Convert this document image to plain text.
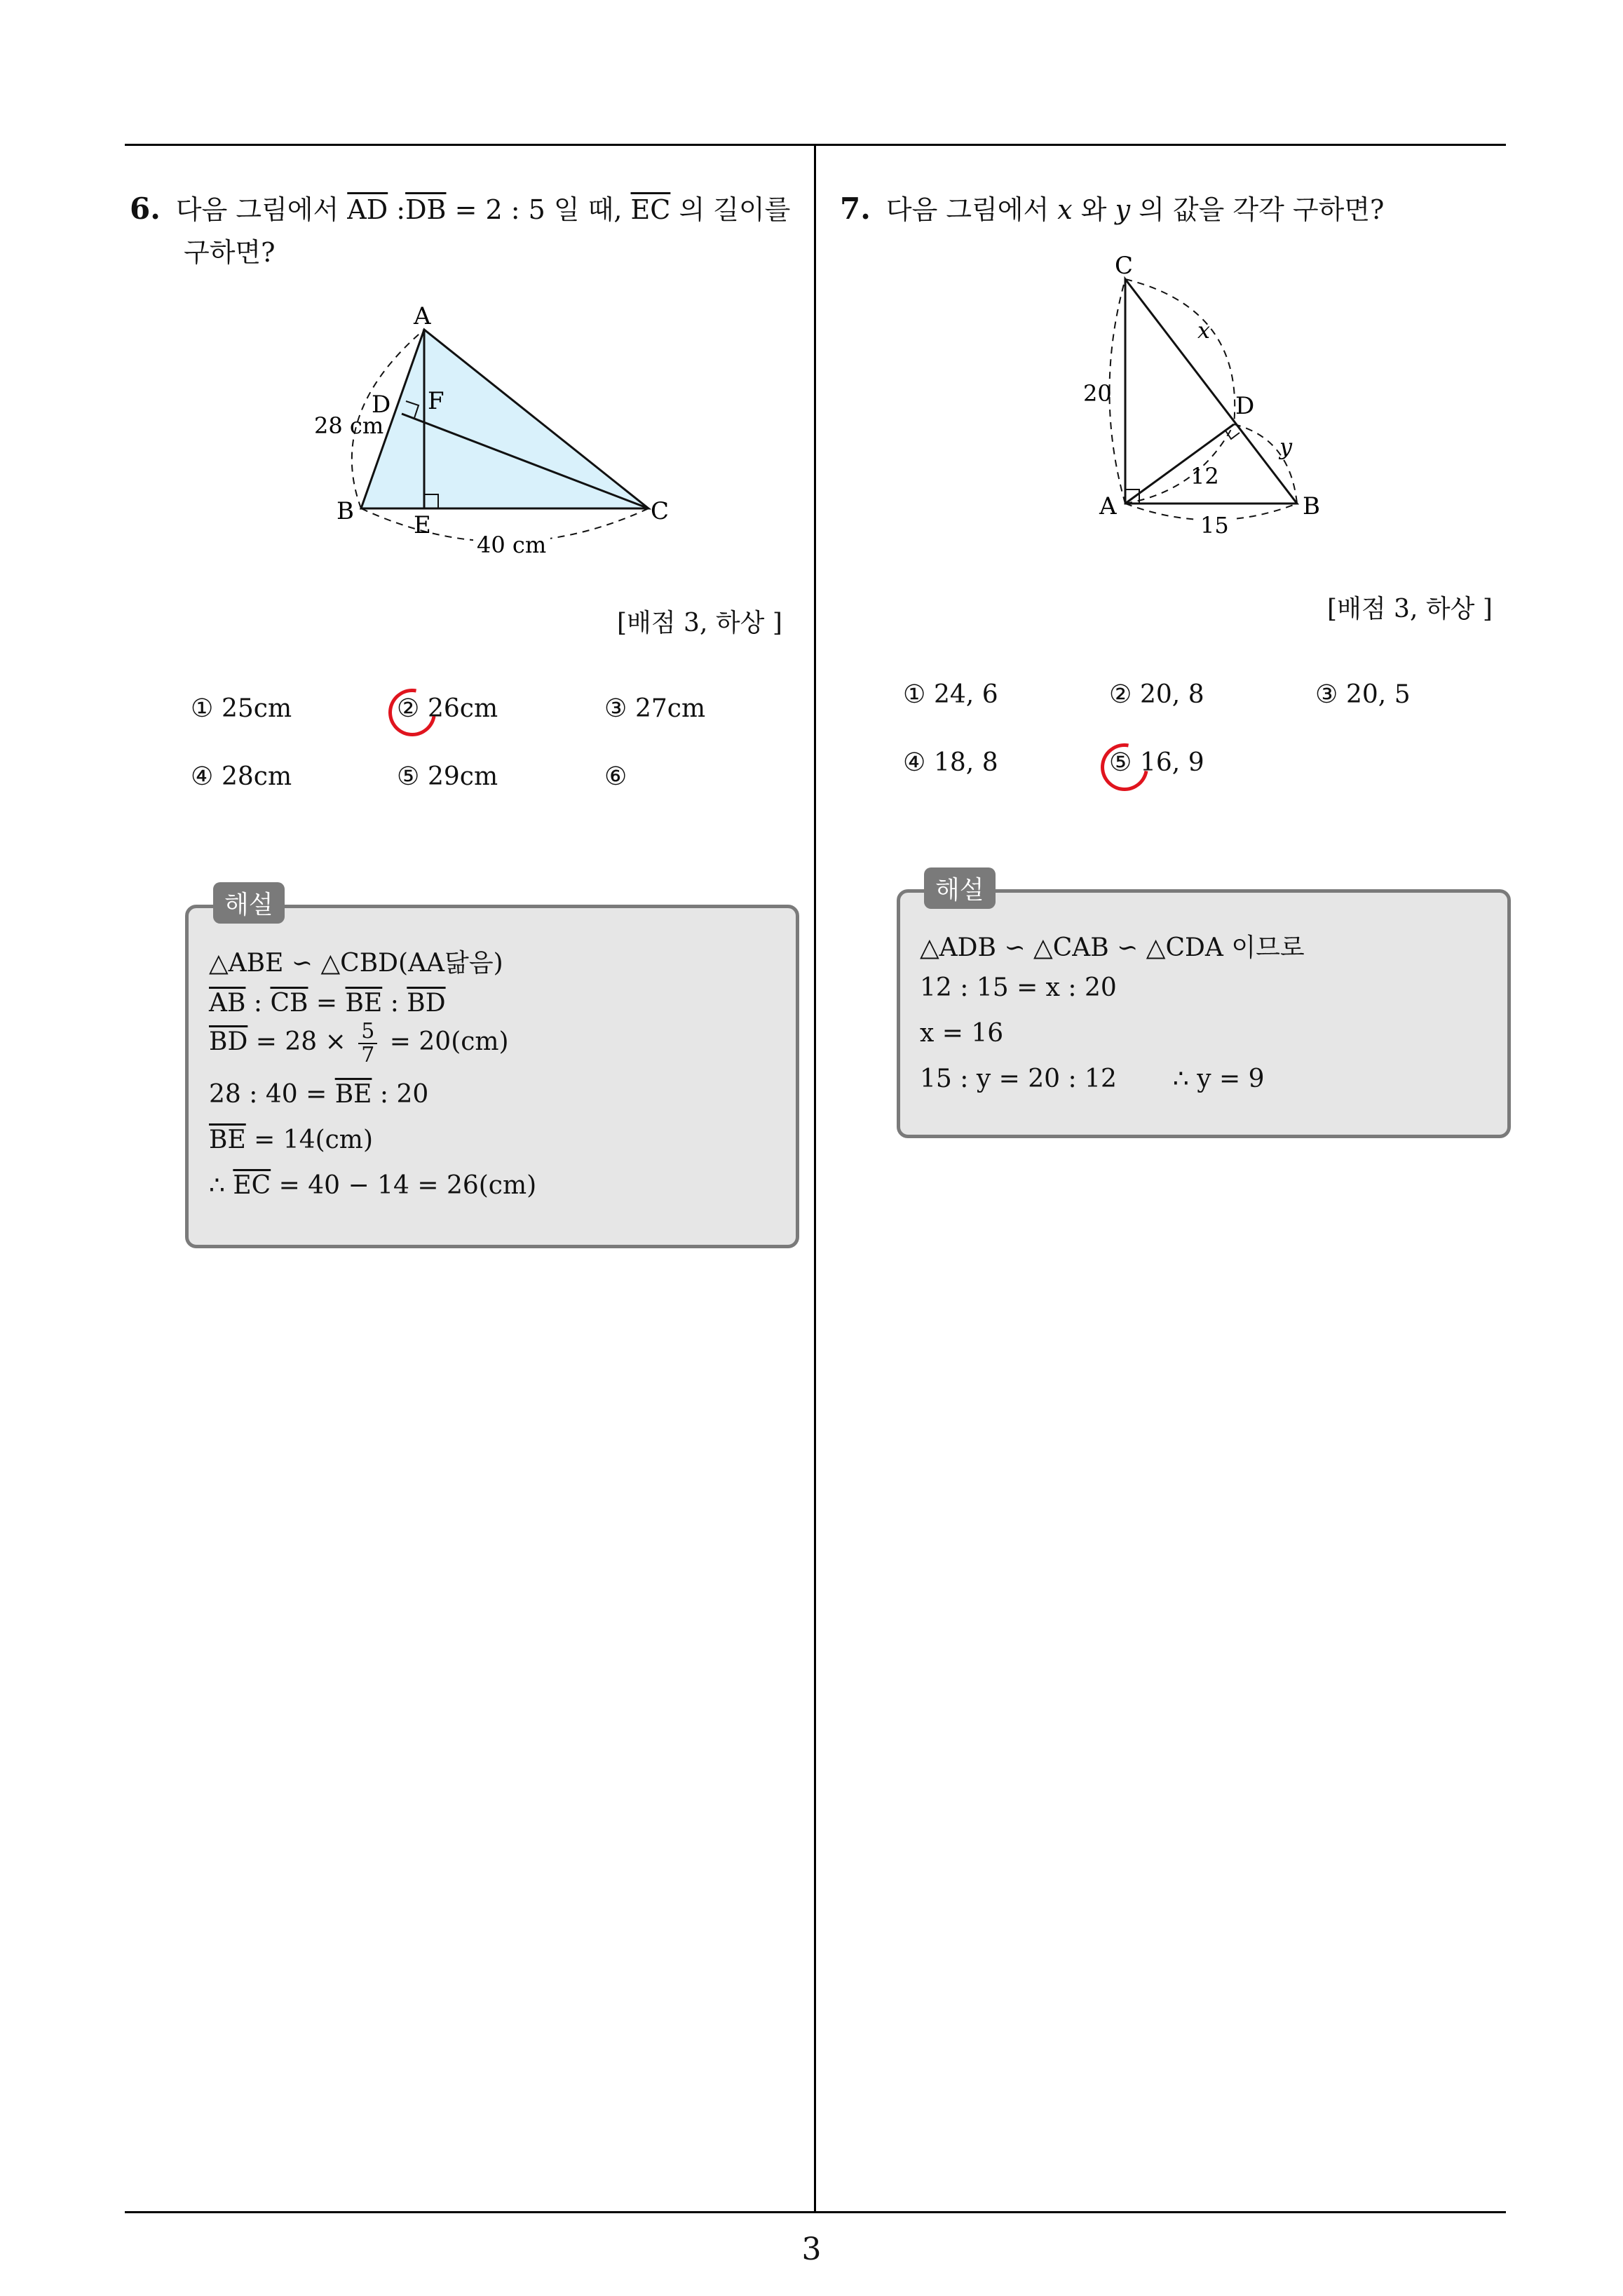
6. 다음 그림에서 $\overline{AD}$ $:\overline{DB} = 2$ : 5 일 때, $\overline{EC}$ 의 길이를
구하면?
A
B	C
D
E
F
28 cm
40 cm
[배점 3, 하상 ]
① 25cm	② 26cm	③ 27cm
④ 28cm	⑤ 29cm	⑥
해설
△ABE ∽ △CBD(AA닮음)
$\overline{AB}$ : $\overline{CB} = \overline{BE}$ : $\overline{BD}$
$\overline{BD} = 28 \times \frac{5}{7} = 20(cm)$
28 : $40 = \overline{BE}$ : 20
$\overline{BE} = 14(cm)$
∴ $\overline{EC} = 40 - 14 = 26(cm)$
7. 다음 그림에서 x 와 y 의 값을 각각 구하면?
C
D
A	B
x
y
20
12
15
[배점 3, 하상 ]
① 24, 6	② 20, 8	③ 20, 5
④ 18, 8	⑤ 16, 9
해설
△ADB ∽ △CAB ∽ △CDA 이므로
12 : 15 = x : 20
x = 16
15 : y = 20 : 12 ∴ y = 9
3
